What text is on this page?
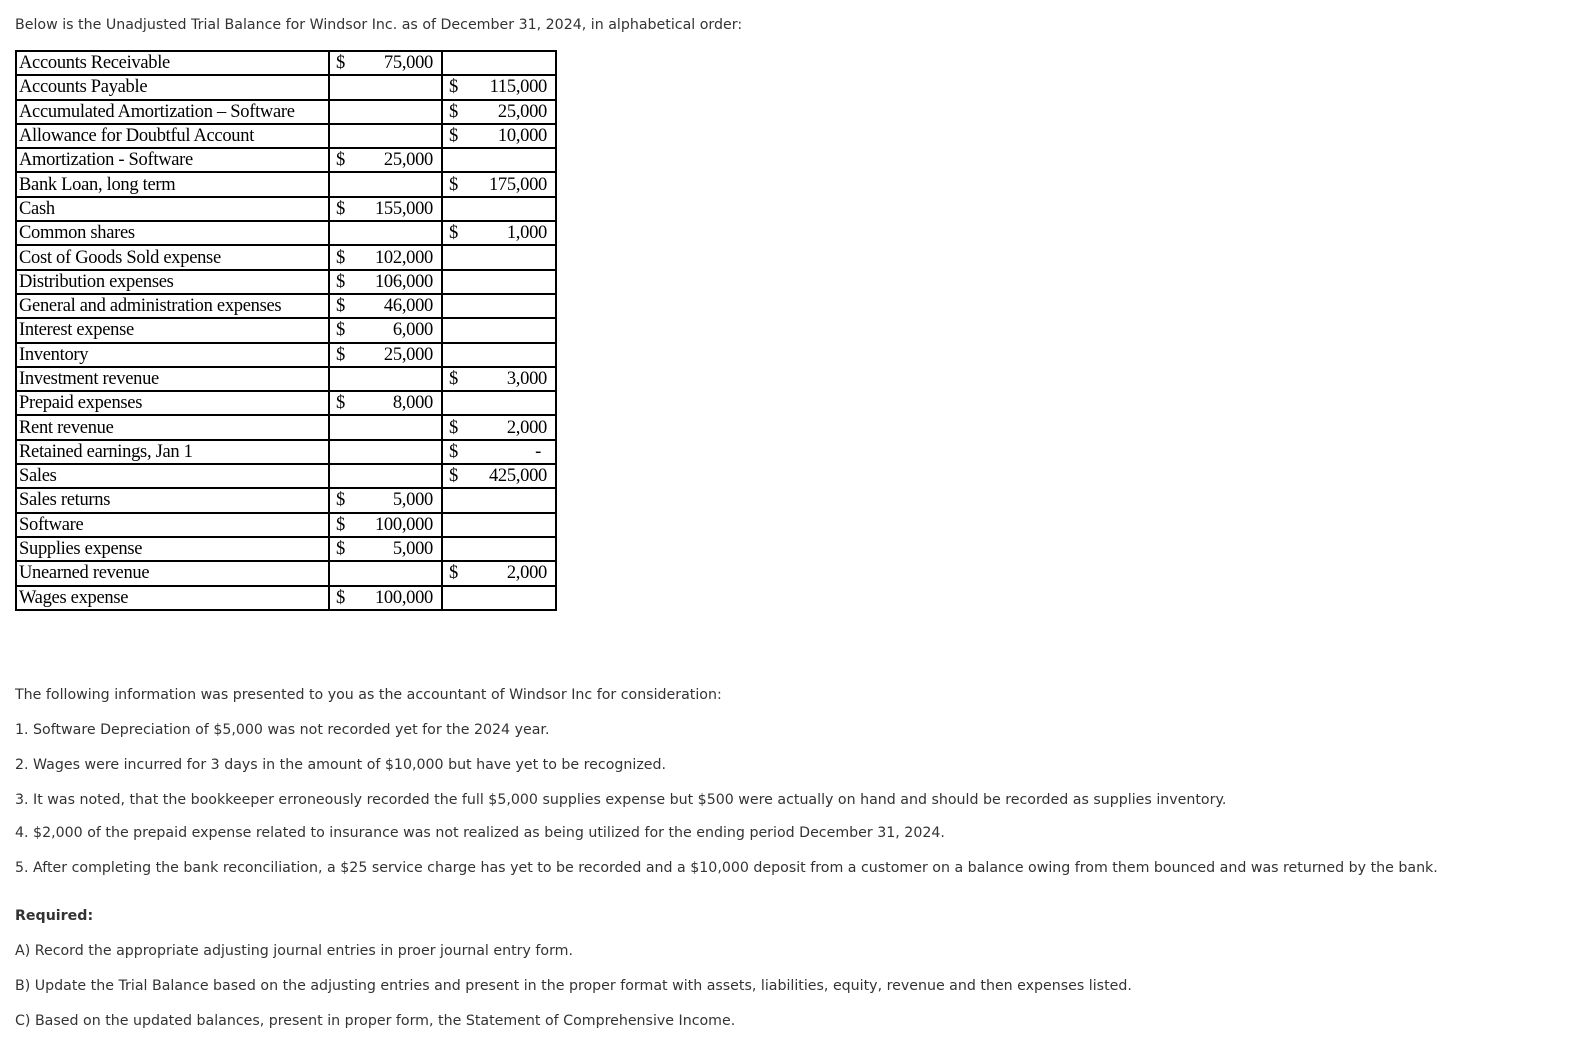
Below is the Unadjusted Trial Balance for Windsor Inc. as of December 31, 2024, in alphabetical order:

Accounts Receivable	$ 75,000	

Accounts Payable		$ 115,000

Accumulated Amortization – Software		$ 25,000

Allowance for Doubtful Account		$ 10,000

Amortization - Software	$ 25,000	

Bank Loan, long term		$ 175,000

Cash	$ 155,000	

Common shares		$ 1,000

Cost of Goods Sold expense	$ 102,000	

Distribution expenses	$ 106,000	

General and administration expenses	$ 46,000	

Interest expense	$ 6,000	

Inventory	$ 25,000	

Investment revenue		$ 3,000

Prepaid expenses	$ 8,000	

Rent revenue		$ 2,000

Retained earnings, Jan 1		$ -

Sales		$ 425,000

Sales returns	$ 5,000	

Software	$ 100,000	

Supplies expense	$ 5,000	

Unearned revenue		$ 2,000

Wages expense	$ 100,000	

The following information was presented to you as the accountant of Windsor Inc for consideration:

1. Software Depreciation of $5,000 was not recorded yet for the 2024 year.

2. Wages were incurred for 3 days in the amount of $10,000 but have yet to be recognized.

3. It was noted, that the bookkeeper erroneously recorded the full $5,000 supplies expense but $500 were actually on hand and should be recorded as supplies inventory.

4. $2,000 of the prepaid expense related to insurance was not realized as being utilized for the ending period December 31, 2024.

5. After completing the bank reconciliation, a $25 service charge has yet to be recorded and a $10,000 deposit from a customer on a balance owing from them bounced and was returned by the bank.

Required:

A) Record the appropriate adjusting journal entries in proer journal entry form.

B) Update the Trial Balance based on the adjusting entries and present in the proper format with assets, liabilities, equity, revenue and then expenses listed.

C) Based on the updated balances, present in proper form, the Statement of Comprehensive Income.
